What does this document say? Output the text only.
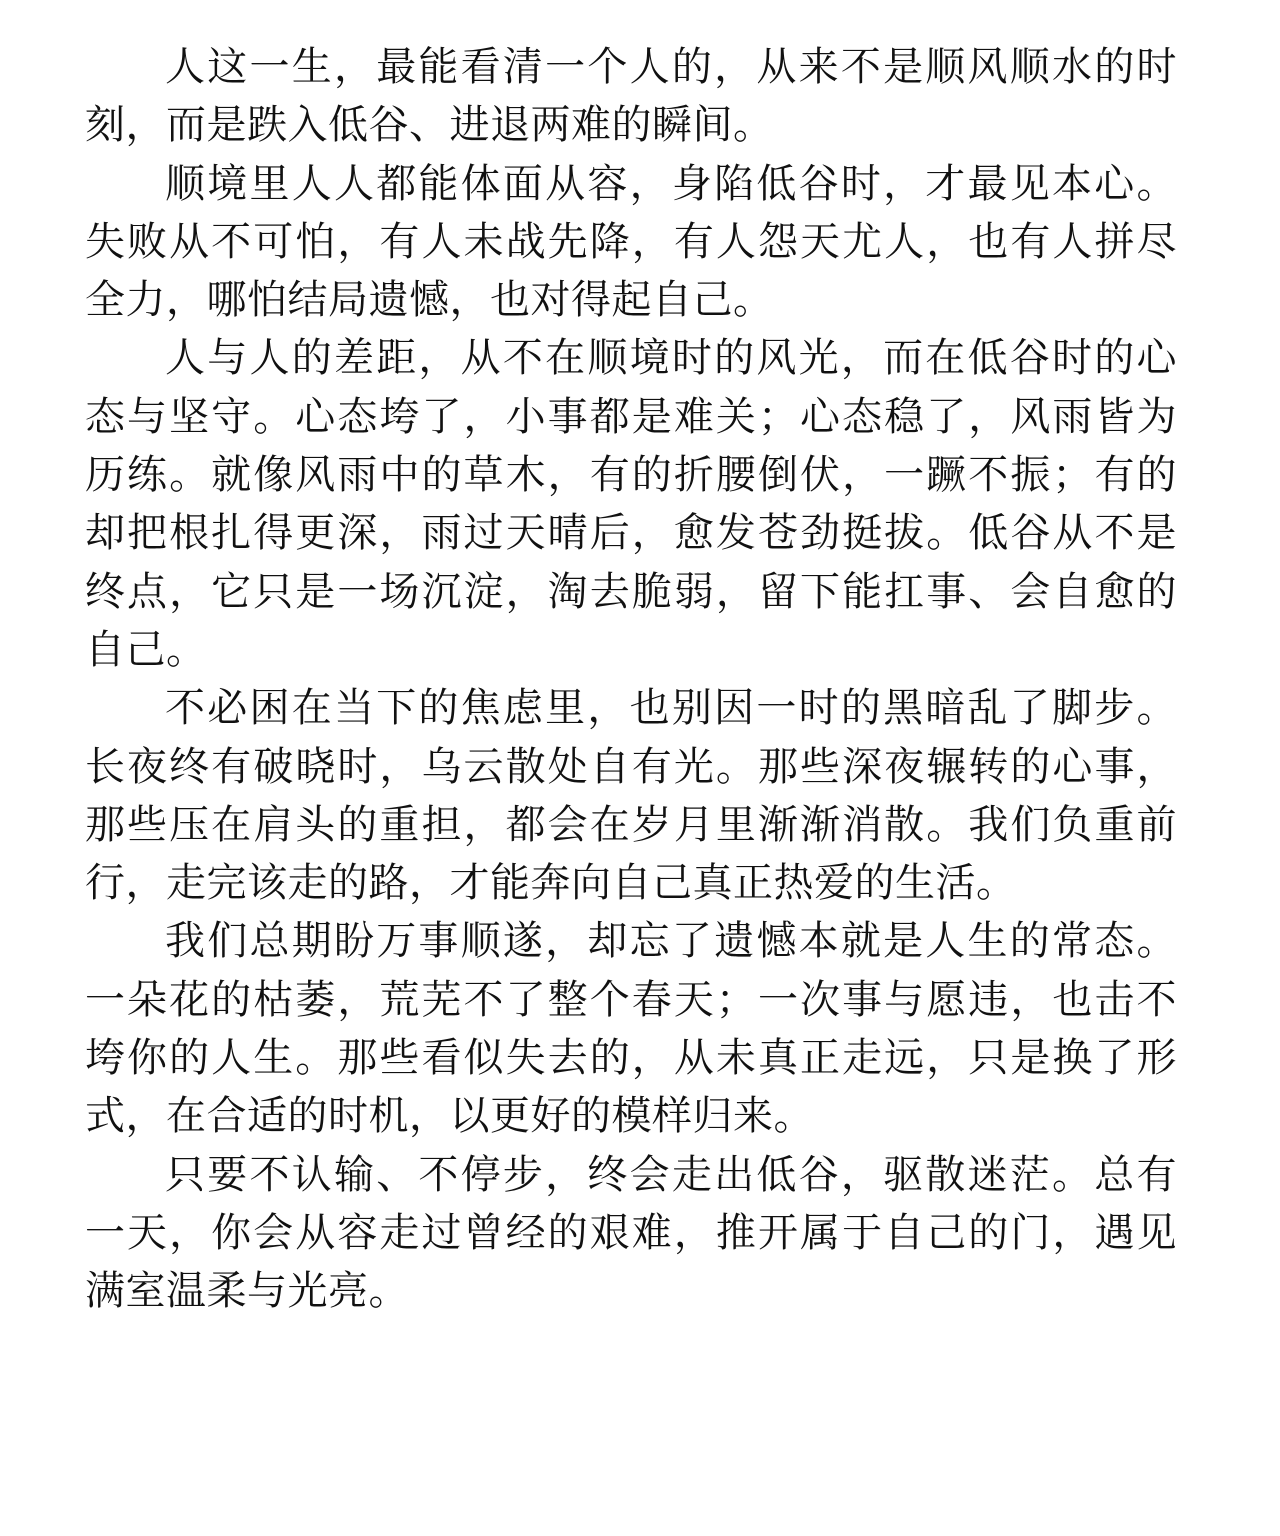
人这一生，最能看清一个人的，从来不是顺风顺水的时刻，而是跌入低谷、进退两难的瞬间。

顺境里人人都能体面从容，身陷低谷时，才最见本心。失败从不可怕，有人未战先降，有人怨天尤人，也有人拼尽全力，哪怕结局遗憾，也对得起自己。

人与人的差距，从不在顺境时的风光，而在低谷时的心态与坚守。心态垮了，小事都是难关；心态稳了，风雨皆为历练。就像风雨中的草木，有的折腰倒伏，一蹶不振；有的却把根扎得更深，雨过天晴后，愈发苍劲挺拔。低谷从不是终点，它只是一场沉淀，淘去脆弱，留下能扛事、会自愈的自己。

不必困在当下的焦虑里，也别因一时的黑暗乱了脚步。长夜终有破晓时，乌云散处自有光。那些深夜辗转的心事，那些压在肩头的重担，都会在岁月里渐渐消散。我们负重前行，走完该走的路，才能奔向自己真正热爱的生活。

我们总期盼万事顺遂，却忘了遗憾本就是人生的常态。一朵花的枯萎，荒芜不了整个春天；一次事与愿违，也击不垮你的人生。那些看似失去的，从未真正走远，只是换了形式，在合适的时机，以更好的模样归来。

只要不认输、不停步，终会走出低谷，驱散迷茫。总有一天，你会从容走过曾经的艰难，推开属于自己的门，遇见满室温柔与光亮。
